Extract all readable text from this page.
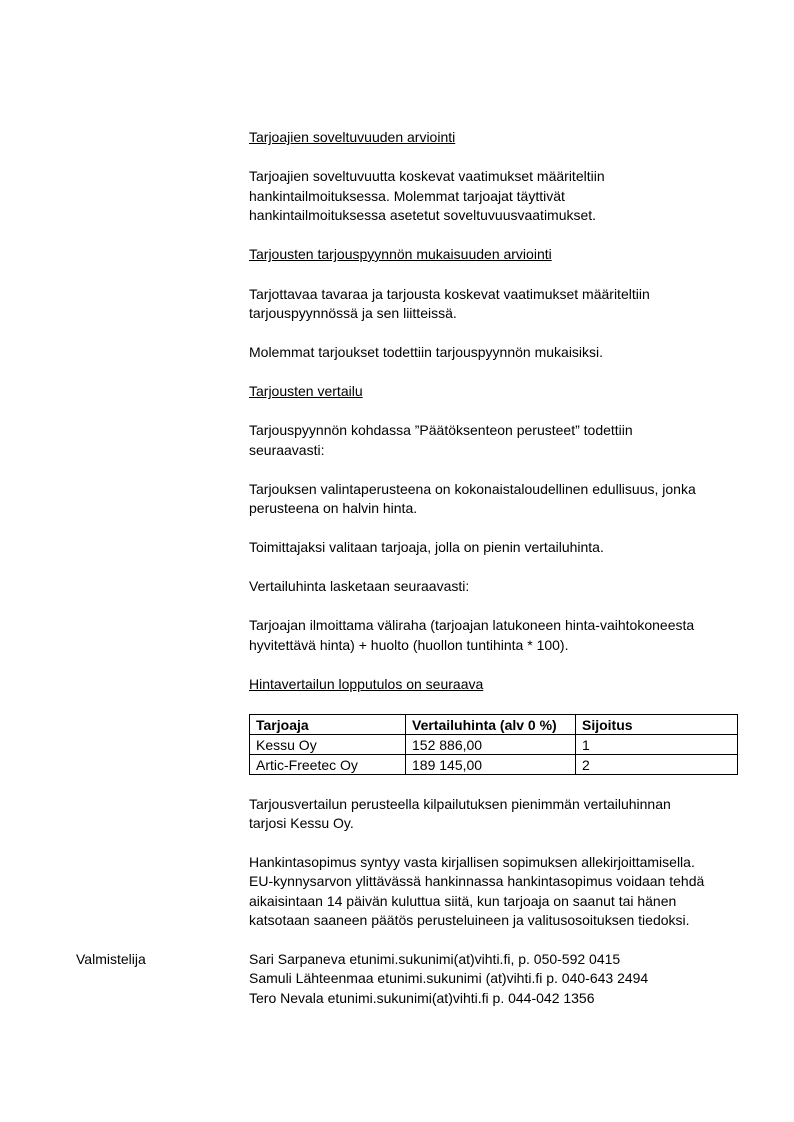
Tarjoajien soveltuvuuden arviointi
Tarjoajien soveltuvuutta koskevat vaatimukset määriteltiin
hankintailmoituksessa. Molemmat tarjoajat täyttivät
hankintailmoituksessa asetetut soveltuvuusvaatimukset.
Tarjousten tarjouspyynnön mukaisuuden arviointi
Tarjottavaa tavaraa ja tarjousta koskevat vaatimukset määriteltiin
tarjouspyynnössä ja sen liitteissä.
Molemmat tarjoukset todettiin tarjouspyynnön mukaisiksi.
Tarjousten vertailu
Tarjouspyynnön kohdassa ”Päätöksenteon perusteet” todettiin
seuraavasti:
Tarjouksen valintaperusteena on kokonaistaloudellinen edullisuus, jonka
perusteena on halvin hinta.
Toimittajaksi valitaan tarjoaja, jolla on pienin vertailuhinta.
Vertailuhinta lasketaan seuraavasti:
Tarjoajan ilmoittama väliraha (tarjoajan latukoneen hinta-vaihtokoneesta
hyvitettävä hinta) + huolto (huollon tuntihinta * 100).
Hintavertailun lopputulos on seuraava
Tarjoaja	Vertailuhinta (alv 0 %)	Sijoitus
Kessu Oy	152 886,00	1
Artic-Freetec Oy	189 145,00	2
Tarjousvertailun perusteella kilpailutuksen pienimmän vertailuhinnan
tarjosi Kessu Oy.
Hankintasopimus syntyy vasta kirjallisen sopimuksen allekirjoittamisella.
EU-kynnysarvon ylittävässä hankinnassa hankintasopimus voidaan tehdä
aikaisintaan 14 päivän kuluttua siitä, kun tarjoaja on saanut tai hänen
katsotaan saaneen päätös perusteluineen ja valitusosoituksen tiedoksi.
Valmistelija	Sari Sarpaneva etunimi.sukunimi(at)vihti.fi, p. 050-592 0415
Samuli Lähteenmaa etunimi.sukunimi (at)vihti.fi p. 040-643 2494
Tero Nevala etunimi.sukunimi(at)vihti.fi p. 044-042 1356
